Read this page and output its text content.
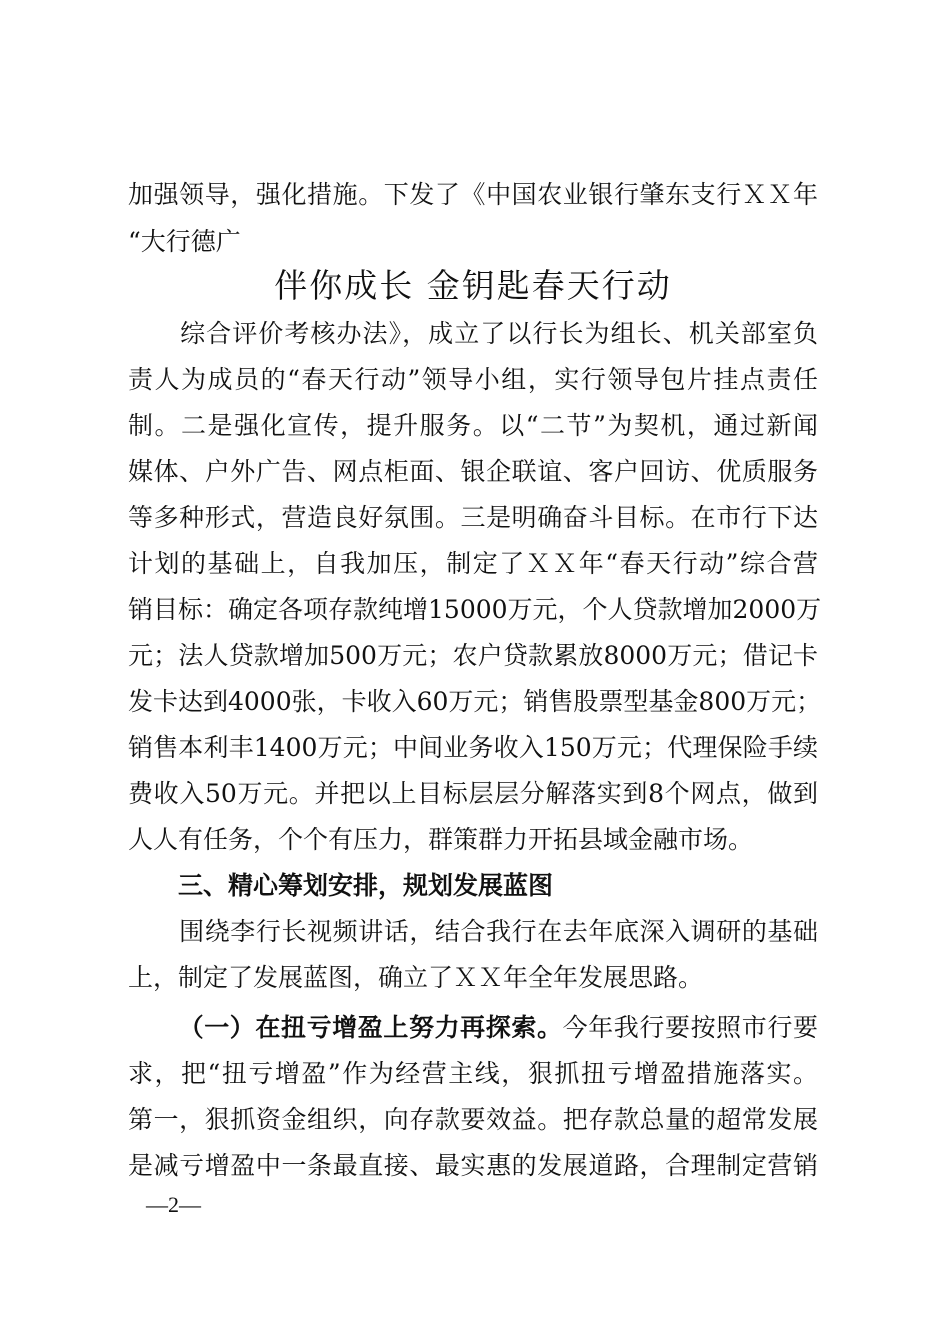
加强领导，强化措施。下发了《中国农业银行肇东支行ＸＸ年
“大行德广
伴你成长 金钥匙春天行动
　　综合评价考核办法》，成立了以行长为组长、机关部室负
责人为成员的“春天行动”领导小组，实行领导包片挂点责任
制。二是强化宣传，提升服务。以“二节”为契机，通过新闻
媒体、户外广告、网点柜面、银企联谊、客户回访、优质服务
等多种形式，营造良好氛围。三是明确奋斗目标。在市行下达
计划的基础上，自我加压，制定了ＸＸ年“春天行动”综合营
销目标：确定各项存款纯增15000万元，个人贷款增加2000万
元；法人贷款增加500万元；农户贷款累放8000万元；借记卡
发卡达到4000张，卡收入60万元；销售股票型基金800万元；
销售本利丰1400万元；中间业务收入150万元；代理保险手续
费收入50万元。并把以上目标层层分解落实到8个网点，做到
人人有任务，个个有压力，群策群力开拓县域金融市场。
　　三、精心筹划安排，规划发展蓝图
　　围绕李行长视频讲话，结合我行在去年底深入调研的基础
上，制定了发展蓝图，确立了ＸＸ年全年发展思路。
（一）在扭亏增盈上努力再探索。今年我行要按照市行要
求，把“扭亏增盈”作为经营主线，狠抓扭亏增盈措施落实。
第一，狠抓资金组织，向存款要效益。把存款总量的超常发展
是减亏增盈中一条最直接、最实惠的发展道路，合理制定营销
—2—
